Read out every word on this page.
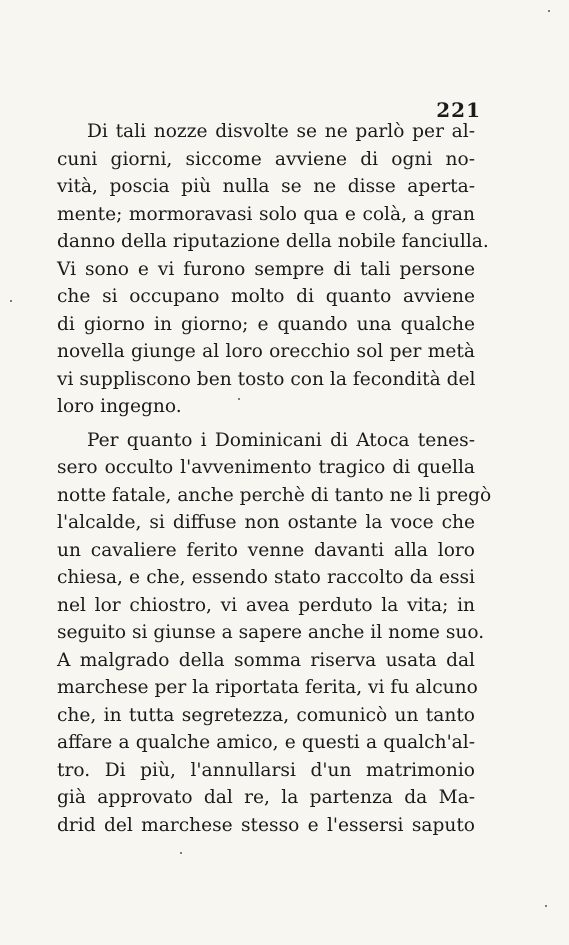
221
Di tali nozze disvolte se ne parlò per al-
cuni giorni, siccome avviene di ogni no-
vità, poscia più nulla se ne disse aperta-
mente; mormoravasi solo qua e colà, a gran
danno della riputazione della nobile fanciulla.
Vi sono e vi furono sempre di tali persone
che si occupano molto di quanto avviene
di giorno in giorno; e quando una qualche
novella giunge al loro orecchio sol per metà
vi suppliscono ben tosto con la fecondità del
loro ingegno.
Per quanto i Dominicani di Atoca tenes-
sero occulto l'avvenimento tragico di quella
notte fatale, anche perchè di tanto ne li pregò
l'alcalde, si diffuse non ostante la voce che
un cavaliere ferito venne davanti alla loro
chiesa, e che, essendo stato raccolto da essi
nel lor chiostro, vi avea perduto la vita; in
seguito si giunse a sapere anche il nome suo.
A malgrado della somma riserva usata dal
marchese per la riportata ferita, vi fu alcuno
che, in tutta segretezza, comunicò un tanto
affare a qualche amico, e questi a qualch'al-
tro. Di più, l'annullarsi d'un matrimonio
già approvato dal re, la partenza da Ma-
drid del marchese stesso e l'essersi saputo
